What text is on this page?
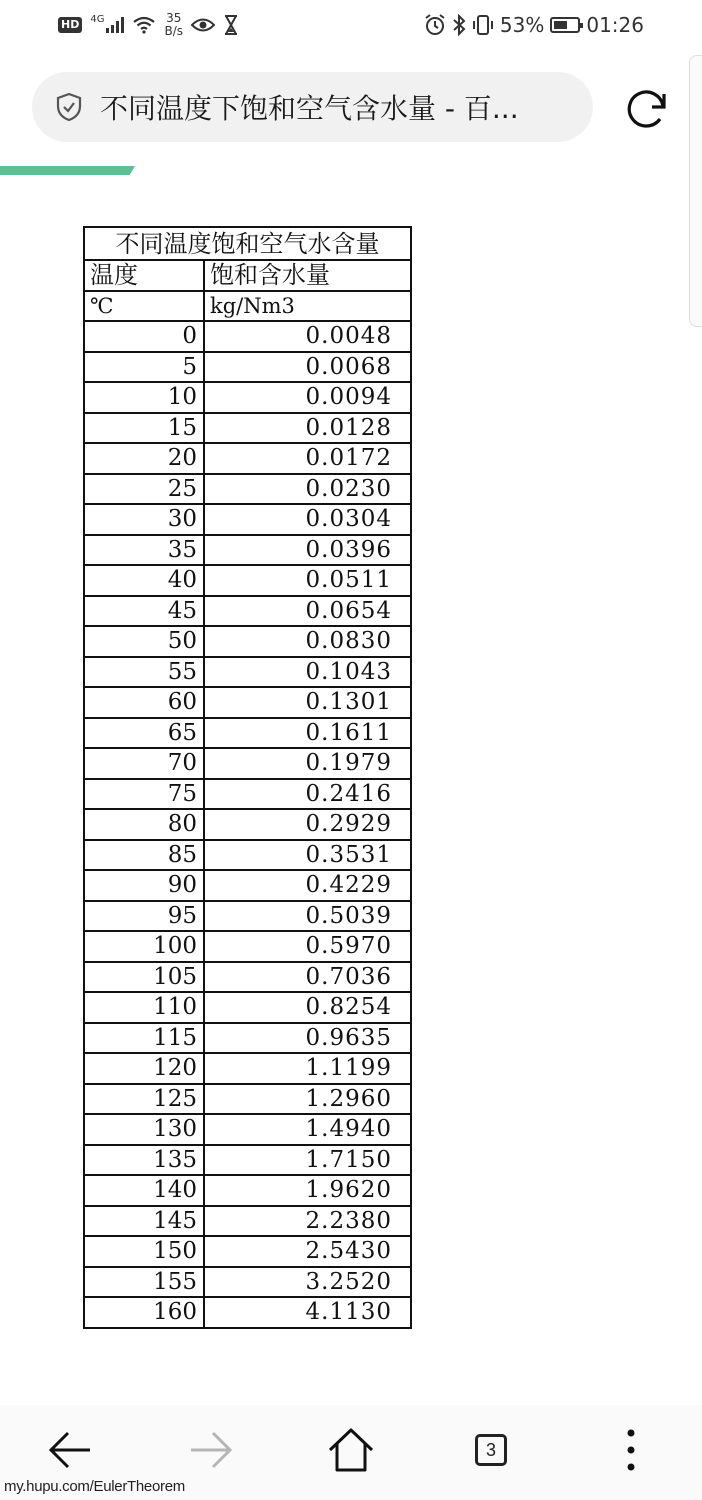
HD	4G	35
B/s	53% 01:26
不同温度下饱和空气含水量 - 百...
不同温度饱和空气水含量	
温度	饱和含水量
℃	kg/Nm3
0	0.0048
5	0.0068
10	0.0094
15	0.0128
20	0.0172
25	0.0230
30	0.0304
35	0.0396
40	0.0511
45	0.0654
50	0.0830
55	0.1043
60	0.1301
65	0.1611
70	0.1979
75	0.2416
80	0.2929
85	0.3531
90	0.4229
95	0.5039
100	0.5970
105	0.7036
110	0.8254
115	0.9635
120	1.1199
125	1.2960
130	1.4940
135	1.7150
140	1.9620
145	2.2380
150	2.5430
155	3.2520
160	4.1130
3
my.hupu.com/EulerTheorem
